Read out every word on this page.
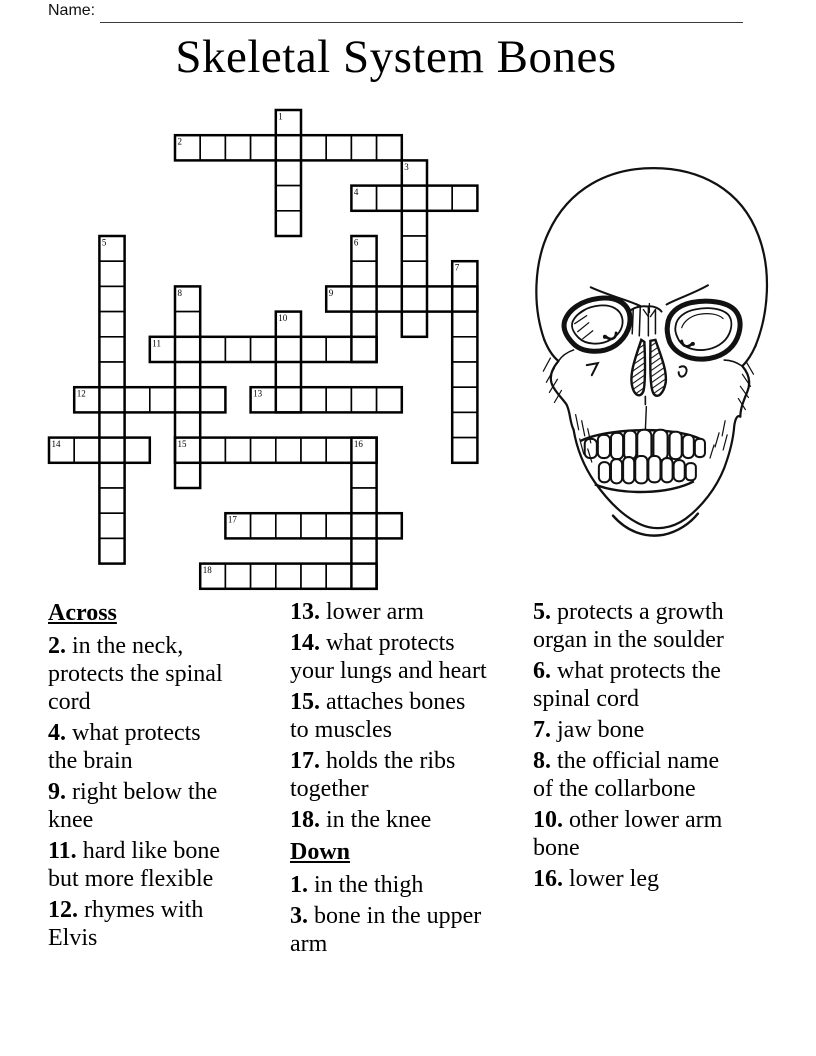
Name:
Skeletal System Bones
1
2
3
4
5	6
7
8	9
10
11
12	13
14	15	16
17
18
Across
2. in the neck, protects the spinal cord
4. what protects the brain
9. right below the knee
11. hard like bone but more flexible
12. rhymes with Elvis
13. lower arm
14. what protects your lungs and heart
15. attaches bones to muscles
17. holds the ribs together
18. in the knee
Down
1. in the thigh
3. bone in the upper arm
5. protects a growth organ in the soulder
6. what protects the spinal cord
7. jaw bone
8. the official name of the collarbone
10. other lower arm bone
16. lower leg
